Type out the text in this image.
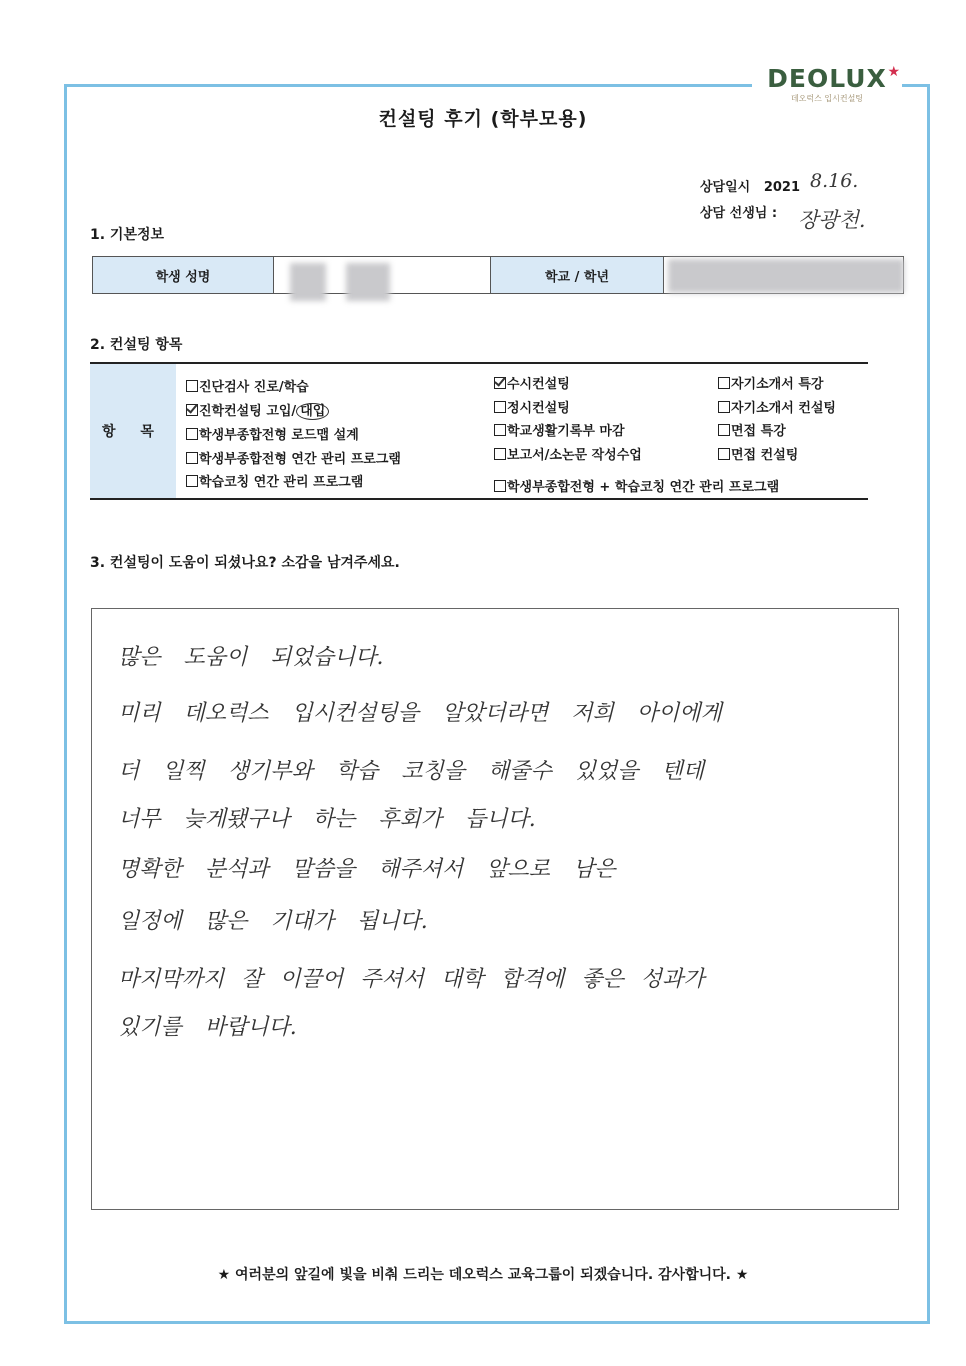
DEOLUX ★
데오럭스 입시컨설팅
컨설팅 후기 (학부모용)
상담일시 2021 8.16.
상담 선생님 : 장광천.
1. 기본정보
학생 성명	학교 / 학년
2. 컨설팅 항목
항 목
진단검사 진로/학습
진학컨설팅 고입/ 대입
학생부종합전형 로드맵 설계
학생부종합전형 연간 관리 프로그램
학습코칭 연간 관리 프로그램
수시컨설팅
정시컨설팅
학교생활기록부 마감
보고서/소논문 작성수업
학생부종합전형 + 학습코칭 연간 관리 프로그램
자기소개서 특강
자기소개서 컨설팅
면접 특강
면접 컨설팅
3. 컨설팅이 도움이 되셨나요? 소감을 남겨주세요.
많은 도움이 되었습니다.
미리 데오럭스 입시컨설팅을 알았더라면 저희 아이에게
더 일찍 생기부와 학습 코칭을 해줄수 있었을 텐데
너무 늦게됐구나 하는 후회가 듭니다.
명확한 분석과 말씀을 해주셔서 앞으로 남은
일정에 많은 기대가 됩니다.
마지막까지 잘 이끌어 주셔서 대학 합격에 좋은 성과가
있기를 바랍니다.
★ 여러분의 앞길에 빛을 비춰 드리는 데오럭스 교육그룹이 되겠습니다. 감사합니다. ★
